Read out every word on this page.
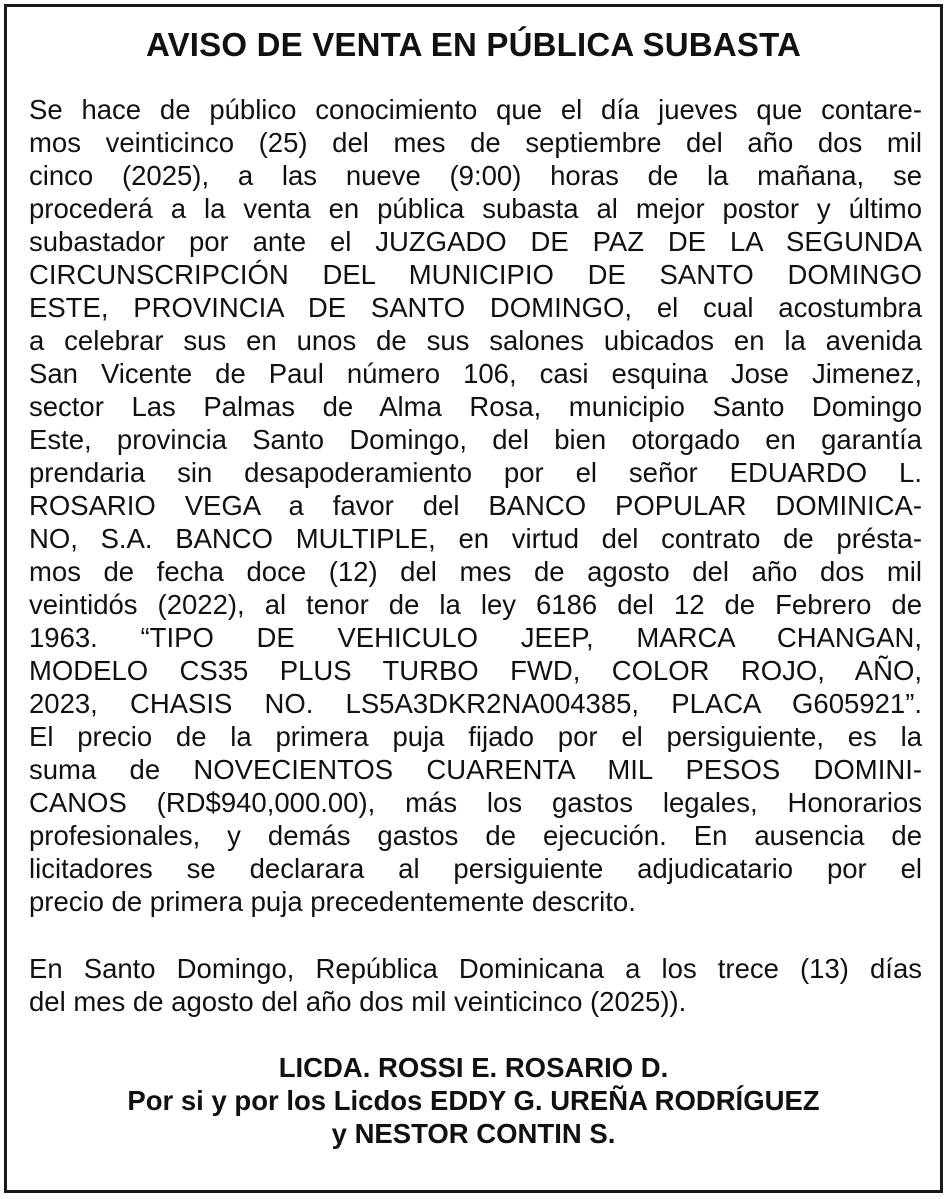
AVISO DE VENTA EN PÚBLICA SUBASTA
Se hace de público conocimiento que el día jueves que contare-
mos veinticinco (25) del mes de septiembre del año dos mil
cinco (2025), a las nueve (9:00) horas de la mañana, se
procederá a la venta en pública subasta al mejor postor y último
subastador por ante el JUZGADO DE PAZ DE LA SEGUNDA
CIRCUNSCRIPCIÓN DEL MUNICIPIO DE SANTO DOMINGO
ESTE, PROVINCIA DE SANTO DOMINGO, el cual acostumbra
a celebrar sus en unos de sus salones ubicados en la avenida
San Vicente de Paul número 106, casi esquina Jose Jimenez,
sector Las Palmas de Alma Rosa, municipio Santo Domingo
Este, provincia Santo Domingo, del bien otorgado en garantía
prendaria sin desapoderamiento por el señor EDUARDO L.
ROSARIO VEGA a favor del BANCO POPULAR DOMINICA-
NO, S.A. BANCO MULTIPLE, en virtud del contrato de présta-
mos de fecha doce (12) del mes de agosto del año dos mil
veintidós (2022), al tenor de la ley 6186 del 12 de Febrero de
1963. “TIPO DE VEHICULO JEEP, MARCA CHANGAN,
MODELO CS35 PLUS TURBO FWD, COLOR ROJO, AÑO,
2023, CHASIS NO. LS5A3DKR2NA004385, PLACA G605921”.
El precio de la primera puja fijado por el persiguiente, es la
suma de NOVECIENTOS CUARENTA MIL PESOS DOMINI-
CANOS (RD$940,000.00), más los gastos legales, Honorarios
profesionales, y demás gastos de ejecución. En ausencia de
licitadores se declarara al persiguiente adjudicatario por el
precio de primera puja precedentemente descrito.
En Santo Domingo, República Dominicana a los trece (13) días
del mes de agosto del año dos mil veinticinco (2025)).
LICDA. ROSSI E. ROSARIO D.
Por si y por los Licdos EDDY G. UREÑA RODRÍGUEZ
y NESTOR CONTIN S.
